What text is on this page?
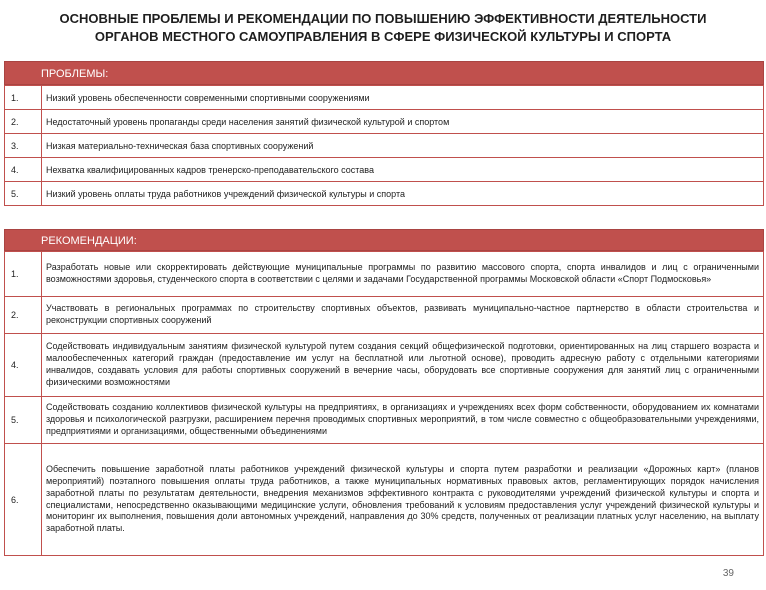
ОСНОВНЫЕ ПРОБЛЕМЫ И РЕКОМЕНДАЦИИ ПО ПОВЫШЕНИЮ ЭФФЕКТИВНОСТИ ДЕЯТЕЛЬНОСТИ
ОРГАНОВ МЕСТНОГО САМОУПРАВЛЕНИЯ В СФЕРЕ ФИЗИЧЕСКОЙ КУЛЬТУРЫ И СПОРТА
ПРОБЛЕМЫ:
1.	Низкий уровень обеспеченности современными спортивными сооружениями
2.	Недостаточный уровень пропаганды среди населения занятий физической культурой и спортом
3.	Низкая материально-техническая база спортивных сооружений
4.	Нехватка квалифицированных кадров тренерско-преподавательского состава
5.	Низкий уровень оплаты труда работников учреждений физической культуры и спорта
РЕКОМЕНДАЦИИ:
1.	Разработать новые или скорректировать действующие муниципальные программы по развитию массового спорта, спорта инвалидов и лиц с ограниченными возможностями здоровья, студенческого спорта в соответствии с целями и задачами Государственной программы Московской области «Спорт Подмосковья»
2.	Участвовать в региональных программах по строительству спортивных объектов, развивать муниципально-частное партнерство в области строительства и реконструкции спортивных сооружений
4.	Содействовать индивидуальным занятиям физической культурой путем создания секций общефизической подготовки, ориентированных на лиц старшего возраста и малообеспеченных категорий граждан (предоставление им услуг на бесплатной или льготной основе), проводить адресную работу с отдельными категориями инвалидов, создавать условия для работы спортивных сооружений в вечерние часы, оборудовать все спортивные сооружения для занятий лиц с ограниченными физическими возможностями
5.	Содействовать созданию коллективов физической культуры на предприятиях, в организациях и учреждениях всех форм собственности, оборудованием их комнатами здоровья и психологической разгрузки, расширением перечня проводимых спортивных мероприятий, в том числе совместно с общеобразовательными учреждениями, предприятиями и организациями, общественными объединениями
6.	Обеспечить повышение заработной платы работников учреждений физической культуры и спорта путем разработки и реализации «Дорожных карт» (планов мероприятий) поэтапного повышения оплаты труда работников, а также муниципальных нормативных правовых актов, регламентирующих порядок начисления заработной платы по результатам деятельности, внедрения механизмов эффективного контракта с руководителями учреждений физической культуры и спорта и специалистами, непосредственно оказывающими медицинские услуги, обновления требований к условиям предоставления услуг учреждений физической культуры и мониторинг их выполнения, повышения доли автономных учреждений, направления до 30% средств, полученных от реализации платных услуг населению, на выплату заработной платы.
39
